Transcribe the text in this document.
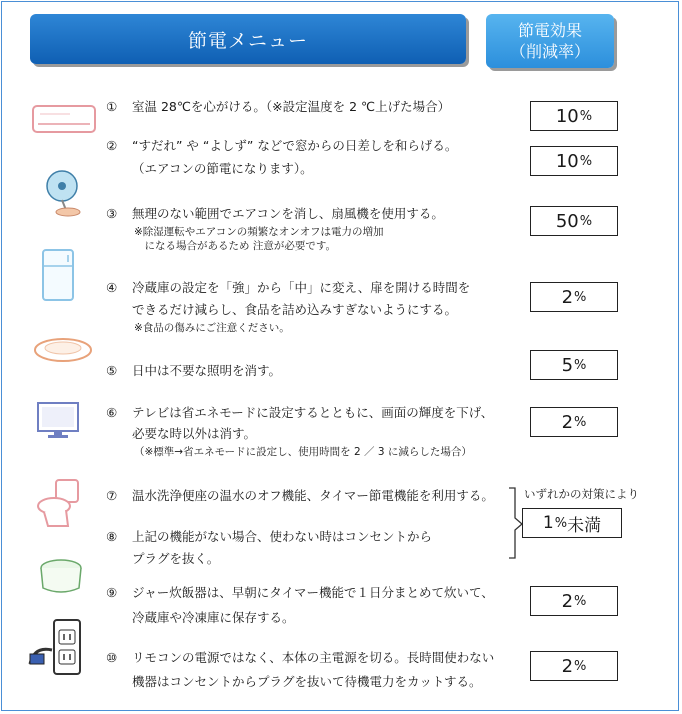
節電メニュー	節電効果
（削減率）
①	室温 28℃を心がける。（※設定温度を 2 ℃上げた場合）	10 %
②	“すだれ” や “よしず” などで窓からの日差しを和らげる。
（エアコンの節電になります）。	10 %
③	無理のない範囲でエアコンを消し、扇風機を使用する。
※除湿運転やエアコンの頻繁なオンオフは電力の増加
　になる場合があるため 注意が必要です。
50 %
④	冷蔵庫の設定を「強」から「中」に変え、扉を開ける時間を
できるだけ減らし、食品を詰め込みすぎないようにする。
※食品の傷みにご注意ください。
2 %
⑤	日中は不要な照明を消す。	5 %
⑥	テレビは省エネモードに設定するとともに、画面の輝度を下げ、
必要な時以外は消す。
（※標準→省エネモードに設定し、使用時間を 2 ／ 3 に減らした場合）
2 %
⑦	温水洗浄便座の温水のオフ機能、タイマー節電機能を利用する。
⑧	上記の機能がない場合、使わない時はコンセントから
プラグを抜く。
いずれかの対策により
1 % 未満
⑨	ジャー炊飯器は、早朝にタイマー機能で１日分まとめて炊いて、
冷蔵庫や冷凍庫に保存する。
2 %
⑩	リモコンの電源ではなく、本体の主電源を切る。長時間使わない
機器はコンセントからプラグを抜いて待機電力をカットする。
2 %
